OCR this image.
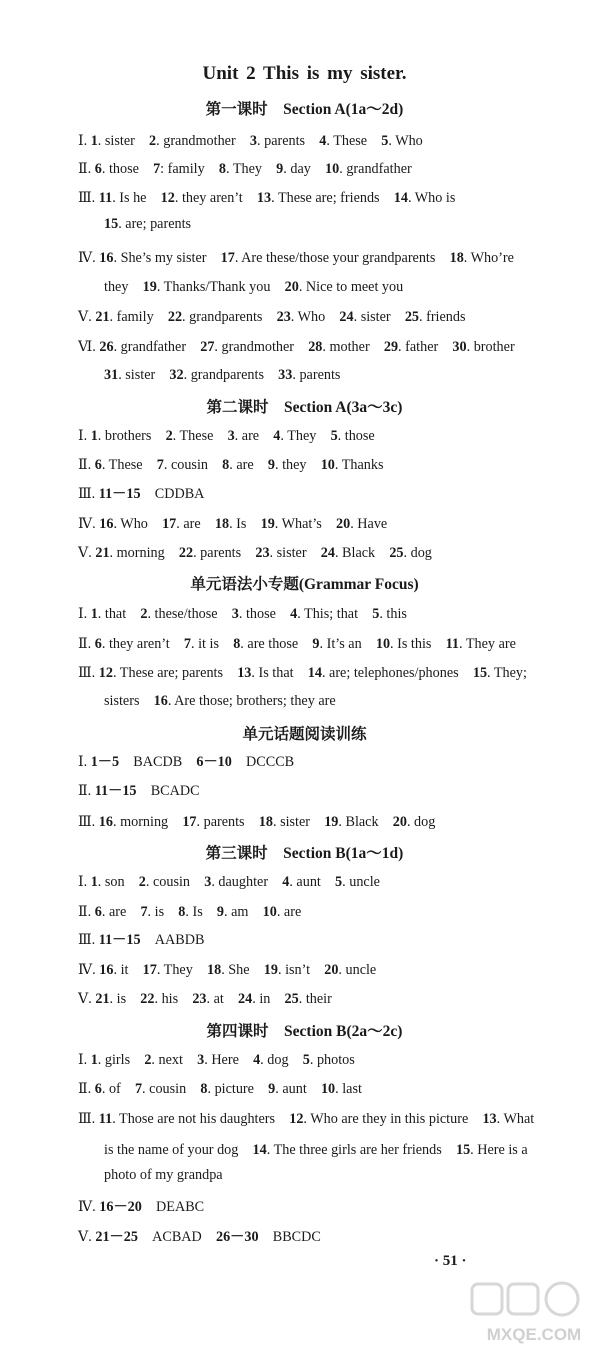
Unit 2 This is my sister.
第一课时　Section A(1a～2d)
Ⅰ. 1. sister　2. grandmother　3. parents　4. These　5. Who
Ⅱ. 6. those　7: family　8. They　9. day　10. grandfather
Ⅲ. 11. Is he　12. they aren’t　13. These are; friends　14. Who is
15. are; parents
Ⅳ. 16. She’s my sister　17. Are these/those your grandparents　18. Who’re
they　19. Thanks/Thank you　20. Nice to meet you
Ⅴ. 21. family　22. grandparents　23. Who　24. sister　25. friends
Ⅵ. 26. grandfather　27. grandmother　28. mother　29. father　30. brother
31. sister　32. grandparents　33. parents
第二课时　Section A(3a～3c)
Ⅰ. 1. brothers　2. These　3. are　4. They　5. those
Ⅱ. 6. These　7. cousin　8. are　9. they　10. Thanks
Ⅲ. 11－15　CDDBA
Ⅳ. 16. Who　17. are　18. Is　19. What’s　20. Have
Ⅴ. 21. morning　22. parents　23. sister　24. Black　25. dog
单元语法小专题(Grammar Focus)
Ⅰ. 1. that　2. these/those　3. those　4. This; that　5. this
Ⅱ. 6. they aren’t　7. it is　8. are those　9. It’s an　10. Is this　11. They are
Ⅲ. 12. These are; parents　13. Is that　14. are; telephones/phones　15. They;
sisters　16. Are those; brothers; they are
单元话题阅读训练
Ⅰ. 1－5　BACDB　6－10　DCCCB
Ⅱ. 11－15　BCADC
Ⅲ. 16. morning　17. parents　18. sister　19. Black　20. dog
第三课时　Section B(1a～1d)
Ⅰ. 1. son　2. cousin　3. daughter　4. aunt　5. uncle
Ⅱ. 6. are　7. is　8. Is　9. am　10. are
Ⅲ. 11－15　AABDB
Ⅳ. 16. it　17. They　18. She　19. isn’t　20. uncle
Ⅴ. 21. is　22. his　23. at　24. in　25. their
第四课时　Section B(2a～2c)
Ⅰ. 1. girls　2. next　3. Here　4. dog　5. photos
Ⅱ. 6. of　7. cousin　8. picture　9. aunt　10. last
Ⅲ. 11. Those are not his daughters　12. Who are they in this picture　13. What
is the name of your dog　14. The three girls are her friends　15. Here is a
photo of my grandpa
Ⅳ. 16－20　DEABC
Ⅴ. 21－25　ACBAD　26－30　BBCDC
· 51 ·
MXQE.COM
